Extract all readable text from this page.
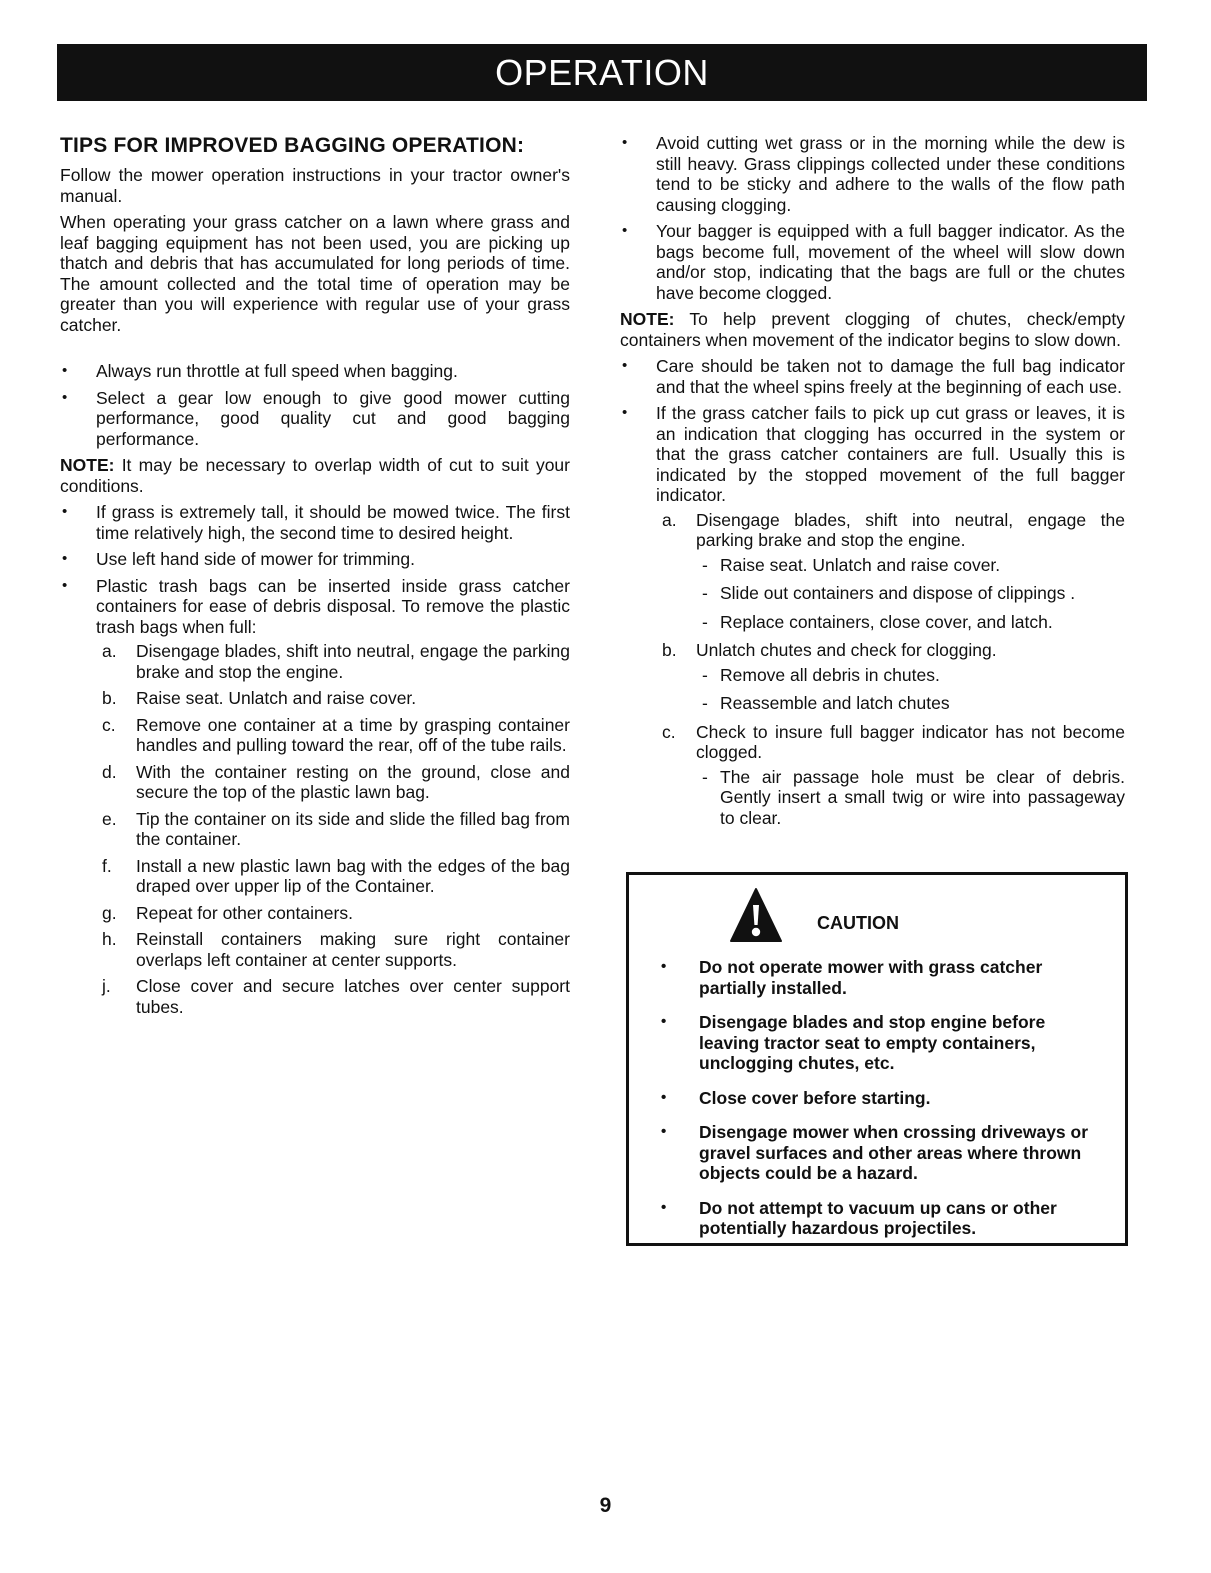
OPERATION
TIPS FOR IMPROVED BAGGING OPERATION:

Follow the mower operation instructions in your tractor owner's manual.

When operating your grass catcher on a lawn where grass and leaf bagging equipment has not been used, you are picking up thatch and debris that has accumulated for long periods of time. The amount collected and the total time of operation may be greater than you will experience with regular use of your grass catcher.

• Always run throttle at full speed when bagging.
• Select a gear low enough to give good mower cutting performance, good quality cut and good bagging performance.

NOTE: It may be necessary to overlap width of cut to suit your conditions.

• If grass is extremely tall, it should be mowed twice. The first time relatively high, the second time to desired height.
• Use left hand side of mower for trimming.
• Plastic trash bags can be inserted inside grass catcher containers for ease of debris disposal. To remove the plastic trash bags when full:
a. Disengage blades, shift into neutral, engage the parking brake and stop the engine.
b. Raise seat. Unlatch and raise cover.
c. Remove one container at a time by grasping container handles and pulling toward the rear, off of the tube rails.
d. With the container resting on the ground, close and secure the top of the plastic lawn bag.
e. Tip the container on its side and slide the filled bag from the container.
f. Install a new plastic lawn bag with the edges of the bag draped over upper lip of the Container.
g. Repeat for other containers.
h. Reinstall containers making sure right container overlaps left container at center supports.
j. Close cover and secure latches over center support tubes.
• Avoid cutting wet grass or in the morning while the dew is still heavy. Grass clippings collected under these conditions tend to be sticky and adhere to the walls of the flow path causing clogging.
• Your bagger is equipped with a full bagger indicator. As the bags become full, movement of the wheel will slow down and/or stop, indicating that the bags are full or the chutes have become clogged.

NOTE: To help prevent clogging of chutes, check/empty containers when movement of the indicator begins to slow down.

• Care should be taken not to damage the full bag indicator and that the wheel spins freely at the beginning of each use.
• If the grass catcher fails to pick up cut grass or leaves, it is an indication that clogging has occurred in the system or that the grass catcher containers are full. Usually this is indicated by the stopped movement of the full bagger indicator.
a. Disengage blades, shift into neutral, engage the parking brake and stop the engine.
- Raise seat. Unlatch and raise cover.
- Slide out containers and dispose of clippings .
- Replace containers, close cover, and latch.
b. Unlatch chutes and check for clogging.
- Remove all debris in chutes.
- Reassemble and latch chutes
c. Check to insure full bagger indicator has not become clogged.
- The air passage hole must be clear of debris. Gently insert a small twig or wire into passageway to clear.
CAUTION
• Do not operate mower with grass catcher partially installed.
• Disengage blades and stop engine before leaving tractor seat to empty containers, unclogging chutes, etc.
• Close cover before starting.
• Disengage mower when crossing driveways or gravel surfaces and other areas where thrown objects could be a hazard.
• Do not attempt to vacuum up cans or other potentially hazardous projectiles.
9
